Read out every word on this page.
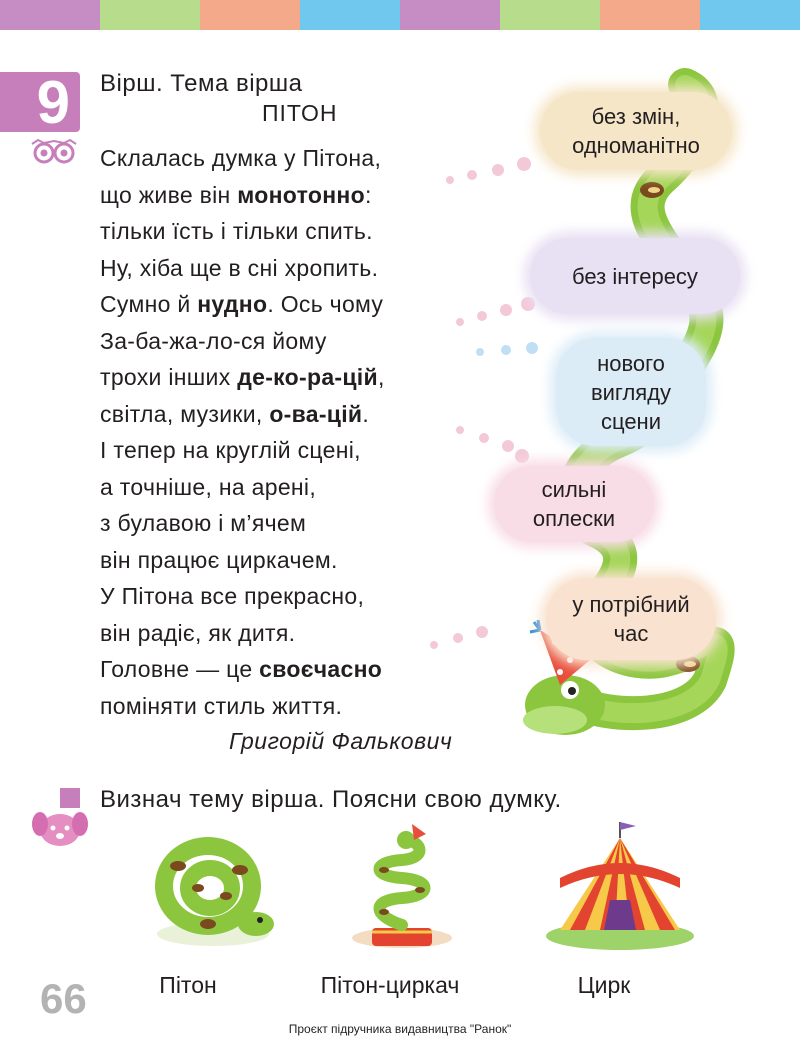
9 Вірш. Тема вірша
ПІТОН
Склалась думка у Пітона,
що живе він монотонно:
тільки їсть і тільки спить.
Ну, хіба ще в сні хропить.
Сумно й нудно. Ось чому
За-ба-жа-ло-ся йому
трохи інших де-ко-ра-цій,
світла, музики, о-ва-цій.
І тепер на круглій сцені,
а точніше, на арені,
з булавою і м’ячем
він працює циркачем.
У Пітона все прекрасно,
він радіє, як дитя.
Головне — це своєчасно
поміняти стиль життя.
Григорій Фалькович
без змін,
одноманітно
без інтересу
нового
вигляду
сцени
сильні
оплески
у потрібний
час
Визнач тему вірша. Поясни свою думку.
Пітон	Пітон-циркач	Цирк
66
Проєкт підручника видавництва "Ранок"
